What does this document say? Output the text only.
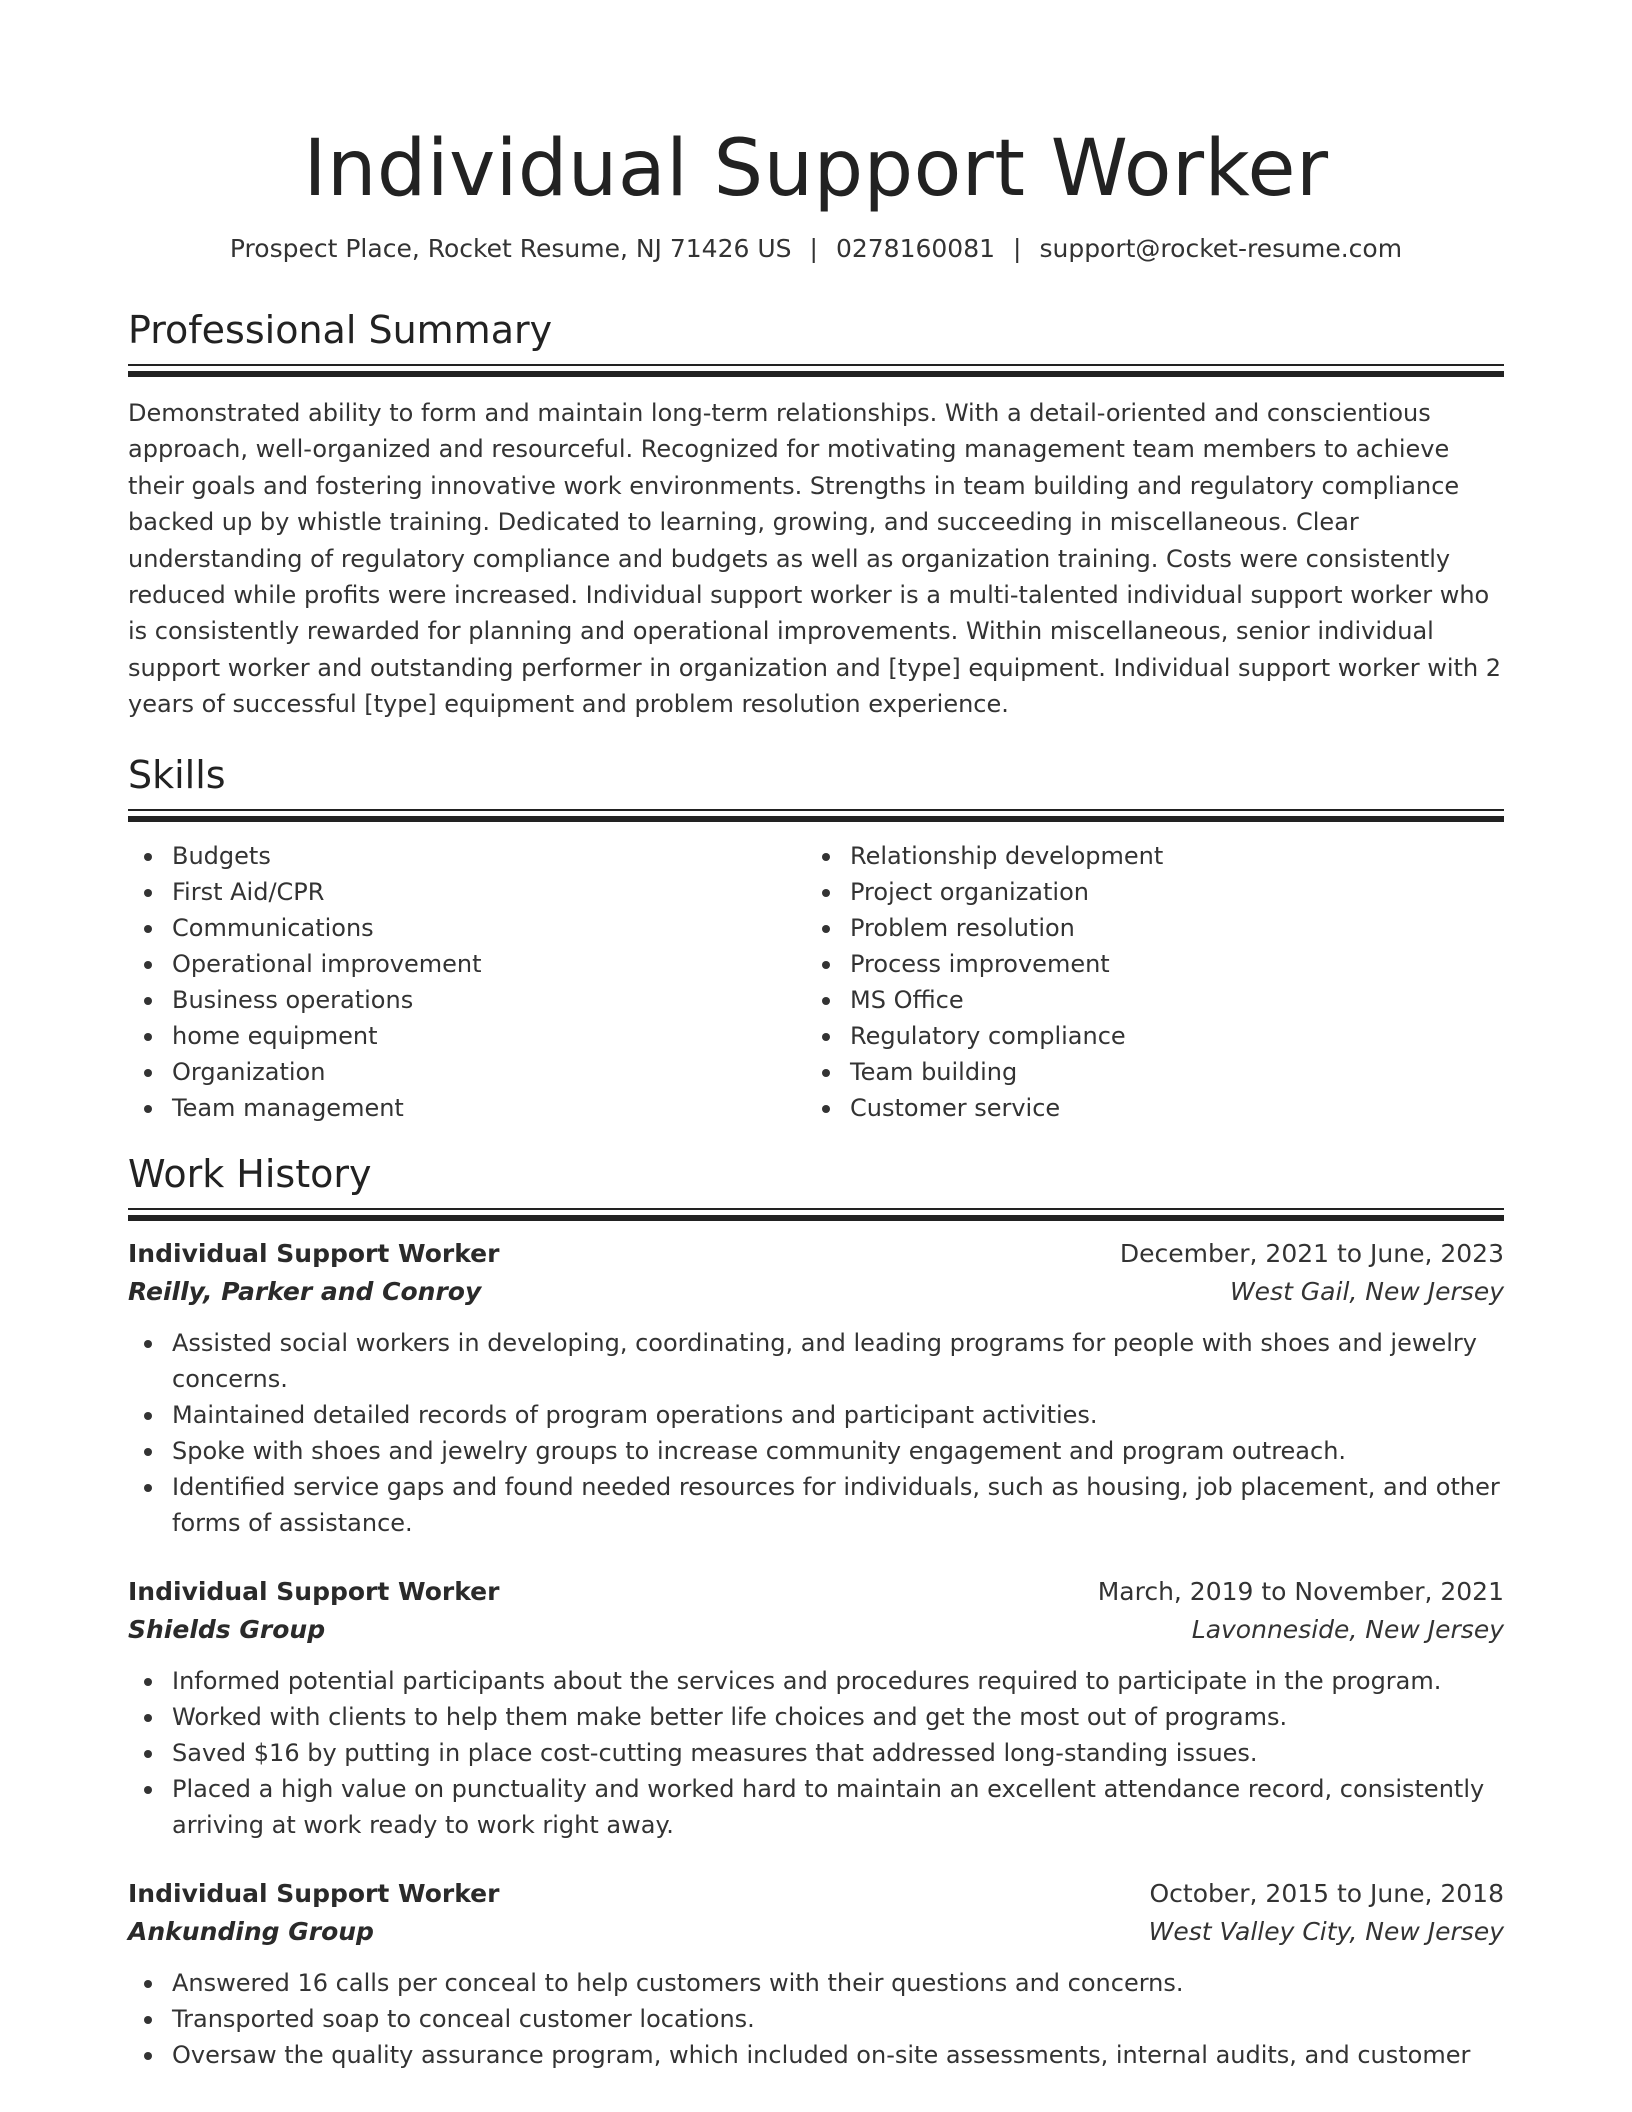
Individual Support Worker
Prospect Place, Rocket Resume, NJ 71426 US | 0278160081 | support@rocket-resume.com
Professional Summary

Demonstrated ability to form and maintain long-term relationships. With a detail-oriented and conscientious approach, well-organized and resourceful. Recognized for motivating management team members to achieve their goals and fostering innovative work environments. Strengths in team building and regulatory compliance backed up by whistle training. Dedicated to learning, growing, and succeeding in miscellaneous. Clear understanding of regulatory compliance and budgets as well as organization training. Costs were consistently reduced while profits were increased. Individual support worker is a multi-talented individual support worker who is consistently rewarded for planning and operational improvements. Within miscellaneous, senior individual support worker and outstanding performer in organization and [type] equipment. Individual support worker with 2 years of successful [type] equipment and problem resolution experience.

Skills
Budgets
First Aid/CPR
Communications
Operational improvement
Business operations
home equipment
Organization
Team management
Relationship development
Project organization
Problem resolution
Process improvement
MS Office
Regulatory compliance
Team building
Customer service
Work History
Individual Support Worker	December, 2021 to June, 2023
Reilly, Parker and Conroy	West Gail, New Jersey
Assisted social workers in developing, coordinating, and leading programs for people with shoes and jewelry concerns.
Maintained detailed records of program operations and participant activities.
Spoke with shoes and jewelry groups to increase community engagement and program outreach.
Identified service gaps and found needed resources for individuals, such as housing, job placement, and other forms of assistance.
Individual Support Worker	March, 2019 to November, 2021
Shields Group	Lavonneside, New Jersey
Informed potential participants about the services and procedures required to participate in the program.
Worked with clients to help them make better life choices and get the most out of programs.
Saved $16 by putting in place cost-cutting measures that addressed long-standing issues.
Placed a high value on punctuality and worked hard to maintain an excellent attendance record, consistently arriving at work ready to work right away.
Individual Support Worker	October, 2015 to June, 2018
Ankunding Group	West Valley City, New Jersey
Answered 16 calls per conceal to help customers with their questions and concerns.
Transported soap to conceal customer locations.
Oversaw the quality assurance program, which included on-site assessments, internal audits, and customer
